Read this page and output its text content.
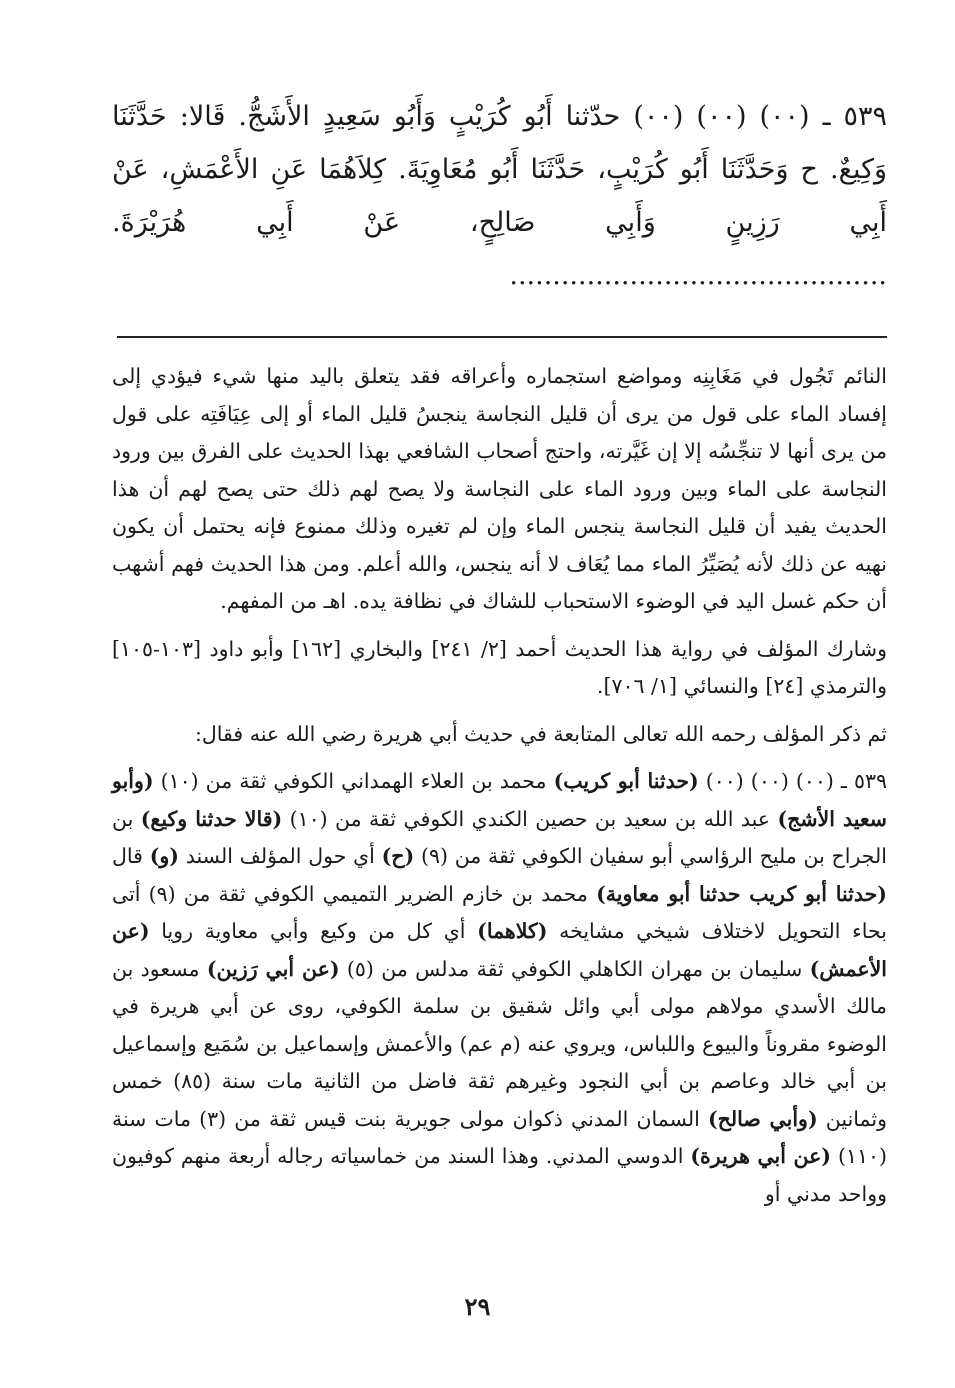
٥٣٩ ـ (٠٠) (٠٠) (٠٠) حدّثنا أَبُو كُرَيْبٍ وَأَبُو سَعِيدٍ الأَشَجُّ. قَالا: حَدَّثَنَا وَكِيعٌ. ح وَحَدَّثَنَا أَبُو كُرَيْبٍ، حَدَّثَنَا أَبُو مُعَاوِيَةَ. كِلاَهُمَا عَنِ الأَعْمَشِ، عَنْ أَبِي رَزِينٍ وَأَبِي صَالِحٍ، عَنْ أَبِي هُرَيْرَةَ. ............................................

النائم تَجُول في مَغَابِنِه ومواضع استجماره وأعراقه فقد يتعلق باليد منها شيء فيؤدي إلى إفساد الماء على قول من يرى أن قليل النجاسة ينجسُ قليل الماء أو إلى عِيَافَتِه على قول من يرى أنها لا تنجِّسُه إلا إن غَيَّرته، واحتج أصحاب الشافعي بهذا الحديث على الفرق بين ورود النجاسة على الماء وبين ورود الماء على النجاسة ولا يصح لهم ذلك حتى يصح لهم أن هذا الحديث يفيد أن قليل النجاسة ينجس الماء وإن لم تغيره وذلك ممنوع فإنه يحتمل أن يكون نهيه عن ذلك لأنه يُصَيِّرُ الماء مما يُعَاف لا أنه ينجس، والله أعلم. ومن هذا الحديث فهم أشهب أن حكم غسل اليد في الوضوء الاستحباب للشاك في نظافة يده. اهـ من المفهم.

وشارك المؤلف في رواية هذا الحديث أحمد [٢/ ٢٤١] والبخاري [١٦٢] وأبو داود [١٠٣-١٠٥] والترمذي [٢٤] والنسائي [١/ ٧٠٦].

ثم ذكر المؤلف رحمه الله تعالى المتابعة في حديث أبي هريرة رضي الله عنه فقال:

٥٣٩ ـ (٠٠) (٠٠) (٠٠) (حدثنا أبو كريب) محمد بن العلاء الهمداني الكوفي ثقة من (١٠) (وأبو سعيد الأشج) عبد الله بن سعيد بن حصين الكندي الكوفي ثقة من (١٠) (قالا حدثنا وكيع) بن الجراح بن مليح الرؤاسي أبو سفيان الكوفي ثقة من (٩) (ح) أي حول المؤلف السند (و) قال (حدثنا أبو كريب حدثنا أبو معاوية) محمد بن خازم الضرير التميمي الكوفي ثقة من (٩) أتى بحاء التحويل لاختلاف شيخي مشايخه (كلاهما) أي كل من وكيع وأبي معاوية رويا (عن الأعمش) سليمان بن مهران الكاهلي الكوفي ثقة مدلس من (٥) (عن أبي رَزين) مسعود بن مالك الأسدي مولاهم مولى أبي وائل شقيق بن سلمة الكوفي، روى عن أبي هريرة في الوضوء مقروناً والبيوع واللباس، ويروي عنه (م عم) والأعمش وإسماعيل بن سُمَيع وإسماعيل بن أبي خالد وعاصم بن أبي النجود وغيرهم ثقة فاضل من الثانية مات سنة (٨٥) خمس وثمانين (وأبي صالح) السمان المدني ذكوان مولى جويرية بنت قيس ثقة من (٣) مات سنة (١١٠) (عن أبي هريرة) الدوسي المدني. وهذا السند من خماسياته رجاله أربعة منهم كوفيون وواحد مدني أو

٢٩
